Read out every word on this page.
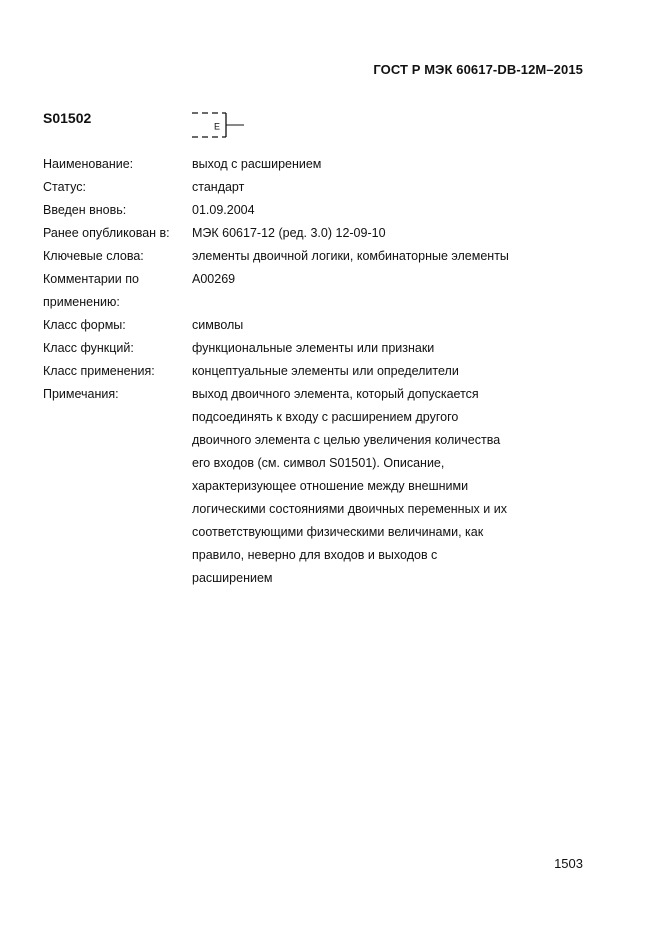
ГОСТ Р МЭК 60617-DB-12M–2015
S01502
E
Наименование:	выход с расширением
Статус:	стандарт
Введен вновь:	01.09.2004
Ранее опубликован в:	МЭК 60617-12 (ред. 3.0) 12-09-10
Ключевые слова:	элементы двоичной логики, комбинаторные элементы
Комментарии по
применению:
A00269
Класс формы:	символы
Класс функций:	функциональные элементы или признаки
Класс применения:	концептуальные элементы или определители
Примечания:	выход двоичного элемента, который допускается
подсоединять к входу с расширением другого
двоичного элемента с целью увеличения количества
его входов (см. символ S01501). Описание,
характеризующее отношение между внешними
логическими состояниями двоичных переменных и их
соответствующими физическими величинами, как
правило, неверно для входов и выходов с
расширением
1503
